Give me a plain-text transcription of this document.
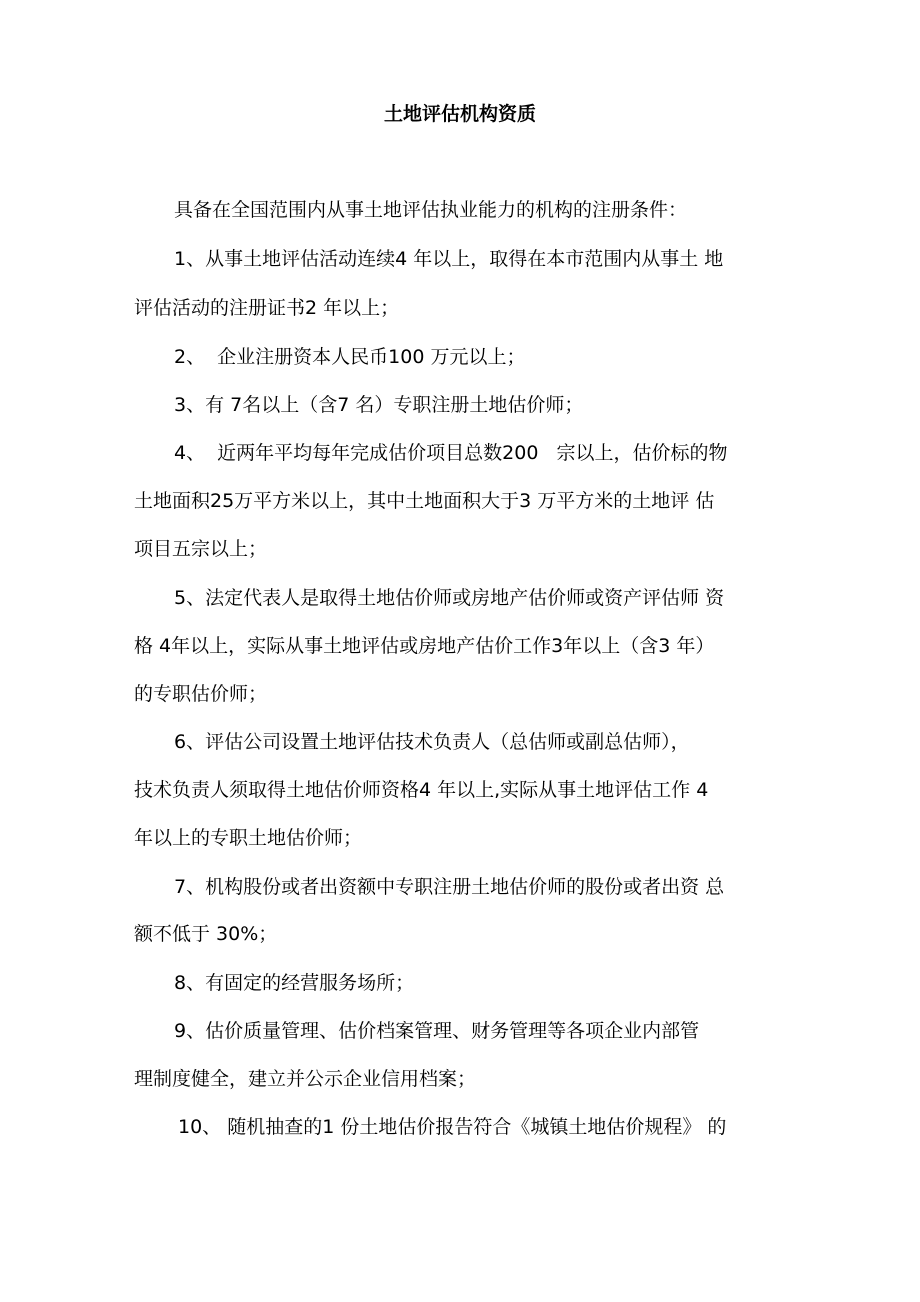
土地评估机构资质

具备在全国范围内从事土地评估执业能力的机构的注册条件：

1、从事土地评估活动连续4 年以上，取得在本市范围内从事土 地

评估活动的注册证书2 年以上；

2、  企业注册资本人民币100 万元以上；

3、有 7名以上（含7 名）专职注册土地估价师；

4、  近两年平均每年完成估价项目总数200   宗以上，估价标的物

土地面积25万平方米以上，其中土地面积大于3 万平方米的土地评 估

项目五宗以上；

5、法定代表人是取得土地估价师或房地产估价师或资产评估师 资

格 4年以上，实际从事土地评估或房地产估价工作3年以上（含3 年）

的专职估价师；

6、评估公司设置土地评估技术负责人（总估师或副总估师），

技术负责人须取得土地估价师资格4 年以上,实际从事土地评估工作 4

年以上的专职土地估价师；

7、机构股份或者出资额中专职注册土地估价师的股份或者出资 总

额不低于 30%；

8、有固定的经营服务场所；

9、估价质量管理、估价档案管理、财务管理等各项企业内部管

理制度健全，建立并公示企业信用档案；

10、 随机抽查的1 份土地估价报告符合《城镇土地估价规程》 的
